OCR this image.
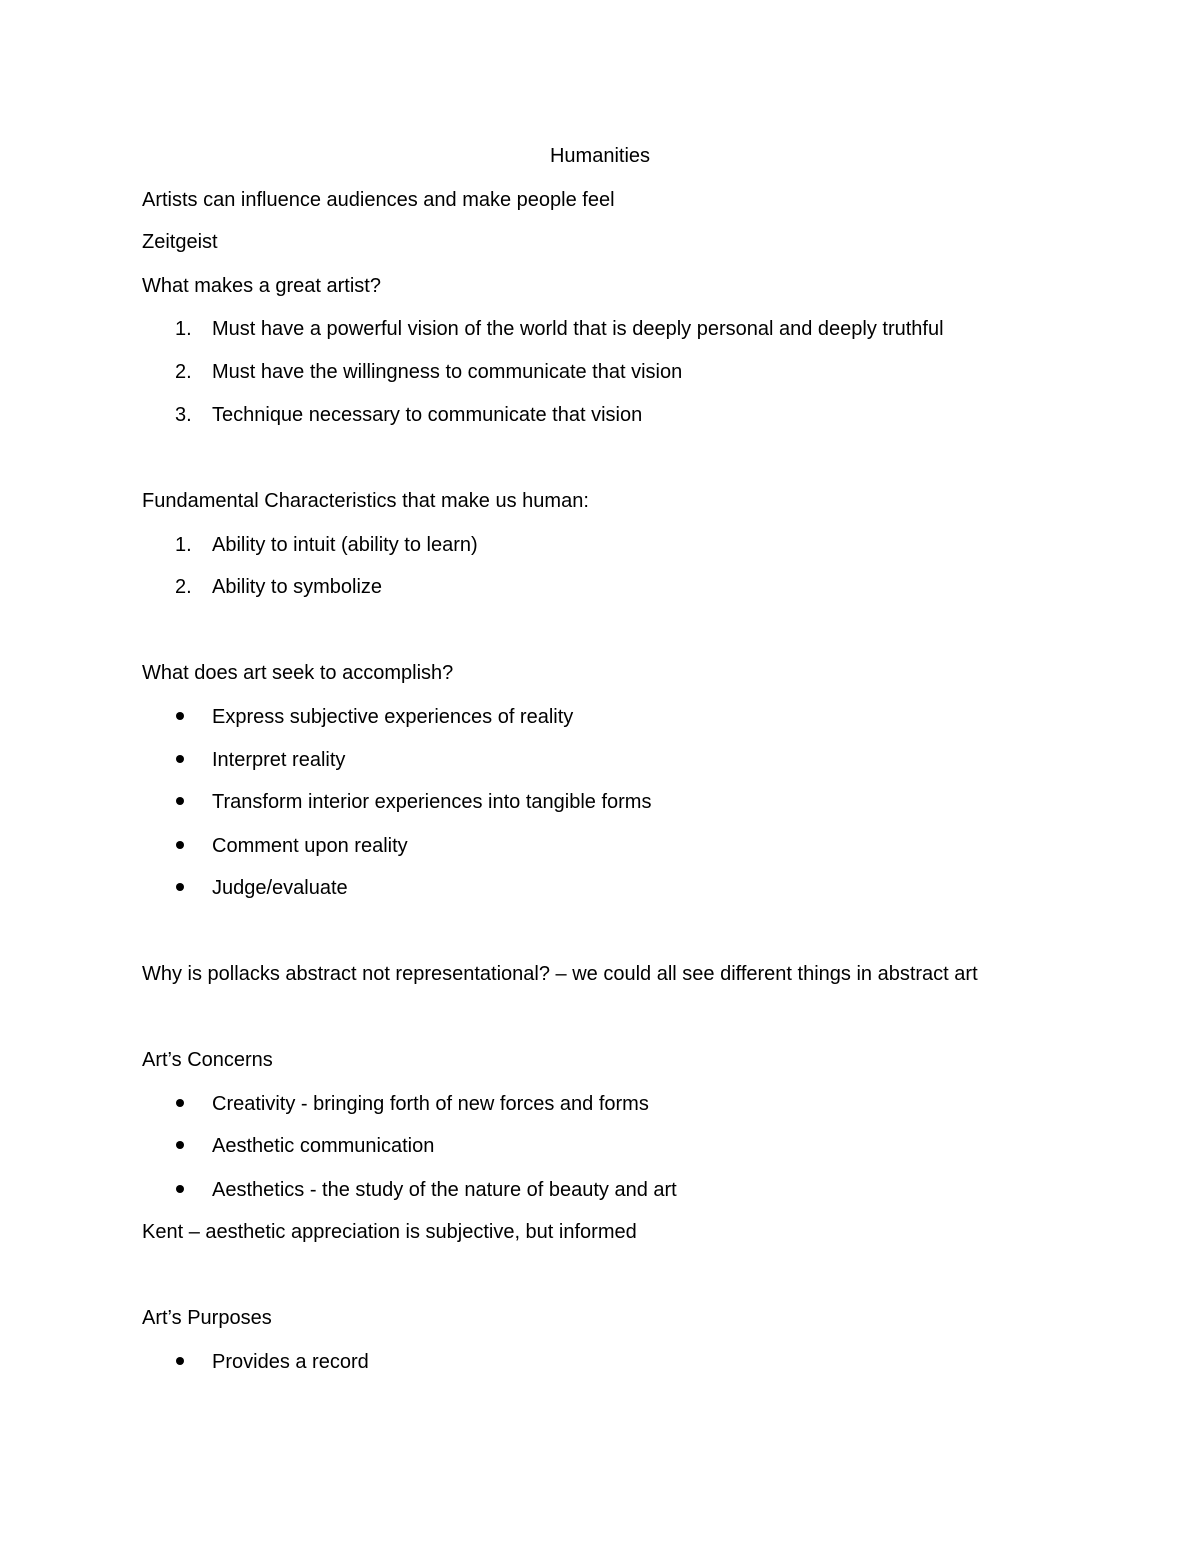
Humanities
Artists can influence audiences and make people feel
Zeitgeist
What makes a great artist?
1. Must have a powerful vision of the world that is deeply personal and deeply truthful
2. Must have the willingness to communicate that vision
3. Technique necessary to communicate that vision
Fundamental Characteristics that make us human:
1. Ability to intuit (ability to learn)
2. Ability to symbolize
What does art seek to accomplish?
Express subjective experiences of reality
Interpret reality
Transform interior experiences into tangible forms
Comment upon reality
Judge/evaluate
Why is pollacks abstract not representational? – we could all see different things in abstract art
Art’s Concerns
Creativity - bringing forth of new forces and forms
Aesthetic communication
Aesthetics - the study of the nature of beauty and art
Kent – aesthetic appreciation is subjective, but informed
Art’s Purposes
Provides a record
